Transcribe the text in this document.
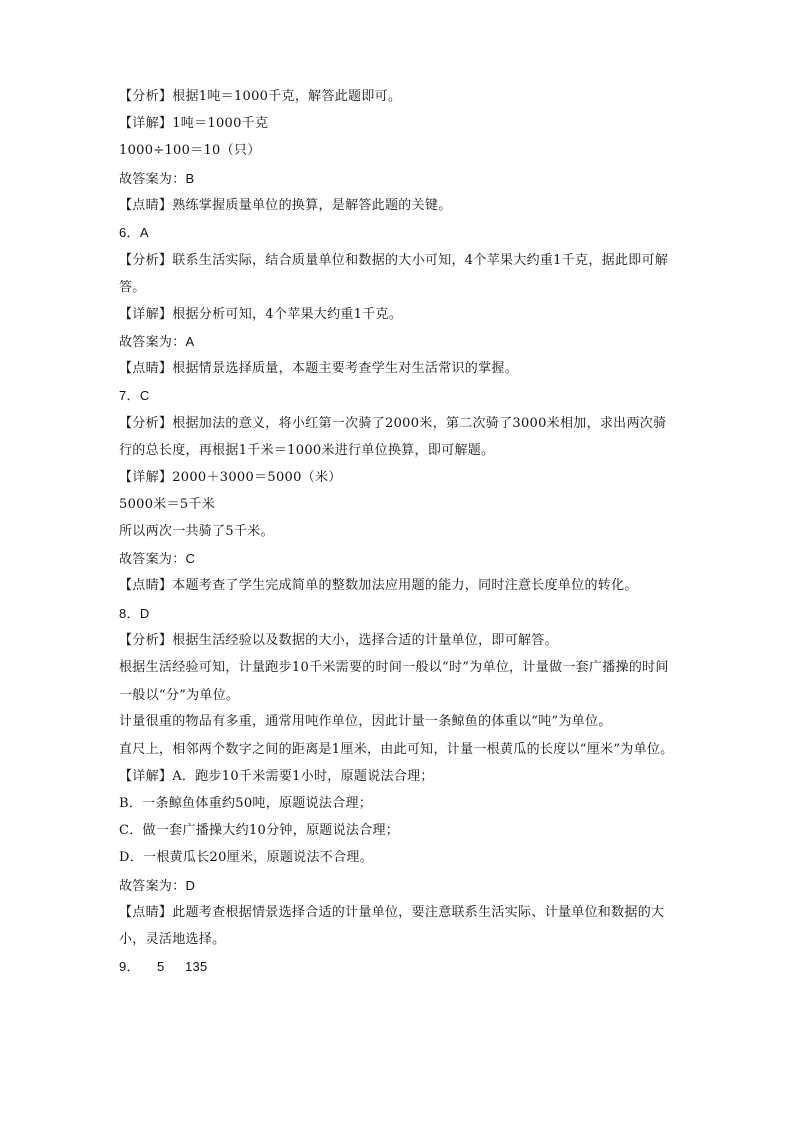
【分析】根据1吨＝1000千克，解答此题即可。
【详解】1吨＝1000千克
1000÷100＝10（只）
故答案为：B
【点睛】熟练掌握质量单位的换算，是解答此题的关键。
6．A
【分析】联系生活实际，结合质量单位和数据的大小可知，4个苹果大约重1千克，据此即可解答。
【详解】根据分析可知，4个苹果大约重1千克。
故答案为：A
【点睛】根据情景选择质量，本题主要考查学生对生活常识的掌握。
7．C
【分析】根据加法的意义，将小红第一次骑了2000米，第二次骑了3000米相加，求出两次骑行的总长度，再根据1千米＝1000米进行单位换算，即可解题。
【详解】2000＋3000＝5000（米）
5000米＝5千米
所以两次一共骑了5千米。
故答案为：C
【点睛】本题考查了学生完成简单的整数加法应用题的能力，同时注意长度单位的转化。
8．D
【分析】根据生活经验以及数据的大小，选择合适的计量单位，即可解答。
根据生活经验可知，计量跑步10千米需要的时间一般以“时”为单位，计量做一套广播操的时间一般以“分”为单位。
计量很重的物品有多重，通常用吨作单位，因此计量一条鲸鱼的体重以“吨”为单位。
直尺上，相邻两个数字之间的距离是1厘米，由此可知，计量一根黄瓜的长度以“厘米”为单位。
【详解】A．跑步10千米需要1小时，原题说法合理；
B．一条鲸鱼体重约50吨，原题说法合理；
C．做一套广播操大约10分钟，原题说法合理；
D．一根黄瓜长20厘米，原题说法不合理。
故答案为：D
【点睛】此题考查根据情景选择合适的计量单位，要注意联系生活实际、计量单位和数据的大小，灵活地选择。
9． 5 135
